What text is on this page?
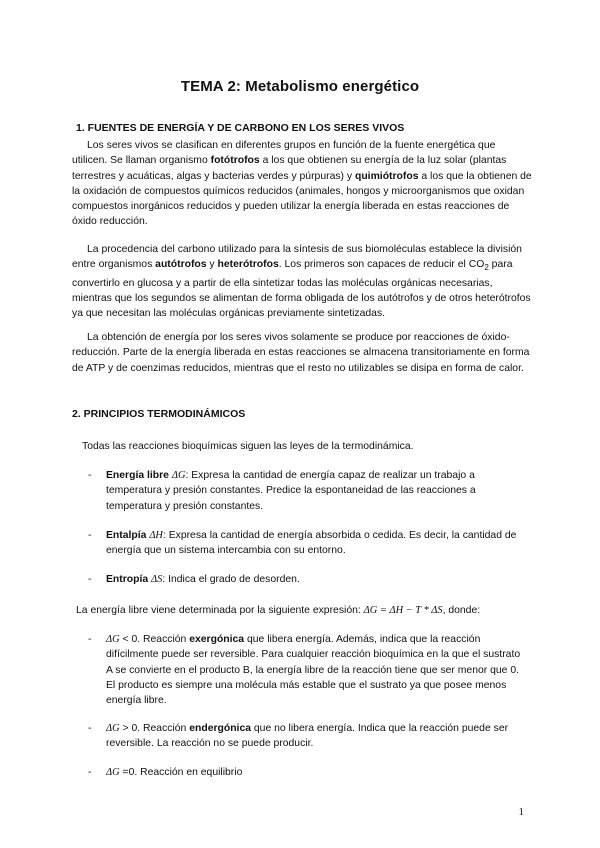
TEMA 2: Metabolismo energético
1. FUENTES DE ENERGÍA Y DE CARBONO EN LOS SERES VIVOS

Los seres vivos se clasifican en diferentes grupos en función de la fuente energética que utilicen. Se llaman organismo fotótrofos a los que obtienen su energía de la luz solar (plantas terrestres y acuáticas, algas y bacterias verdes y púrpuras) y quimiótrofos a los que la obtienen de la oxidación de compuestos químicos reducidos (animales, hongos y microorganismos que oxidan compuestos inorgánicos reducidos y pueden utilizar la energía liberada en estas reacciones de óxido reducción.

La procedencia del carbono utilizado para la síntesis de sus biomoléculas establece la división entre organismos autótrofos y heterótrofos. Los primeros son capaces de reducir el $CO_2$ para convertirlo en glucosa y a partir de ella sintetizar todas las moléculas orgánicas necesarias, mientras que los segundos se alimentan de forma obligada de los autótrofos y de otros heterótrofos ya que necesitan las moléculas orgánicas previamente sintetizadas.

La obtención de energía por los seres vivos solamente se produce por reacciones de óxido-reducción. Parte de la energía liberada en estas reacciones se almacena transitoriamente en forma de ATP y de coenzimas reducidos, mientras que el resto no utilizables se disipa en forma de calor.

2. PRINCIPIOS TERMODINÁMICOS
Todas las reacciones bioquímicas siguen las leyes de la termodinámica.
- Energía libre ΔG: Expresa la cantidad de energía capaz de realizar un trabajo a temperatura y presión constantes. Predice la espontaneidad de las reacciones a temperatura y presión constantes.
- Entalpía ΔH: Expresa la cantidad de energía absorbida o cedida. Es decir, la cantidad de energía que un sistema intercambia con su entorno.
- Entropía ΔS: Indica el grado de desorden.
La energía libre viene determinada por la siguiente expresión: ΔG = ΔH − T * ΔS, donde:
- ΔG < 0. Reacción exergónica que libera energía. Además, indica que la reacción difícilmente puede ser reversible. Para cualquier reacción bioquímica en la que el sustrato A se convierte en el producto B, la energía libre de la reacción tiene que ser menor que 0. El producto es siempre una molécula más estable que el sustrato ya que posee menos energía libre.
- ΔG > 0. Reacción endergónica que no libera energía. Indica que la reacción puede ser reversible. La reacción no se puede producir.
- ΔG =0. Reacción en equilibrio
1
